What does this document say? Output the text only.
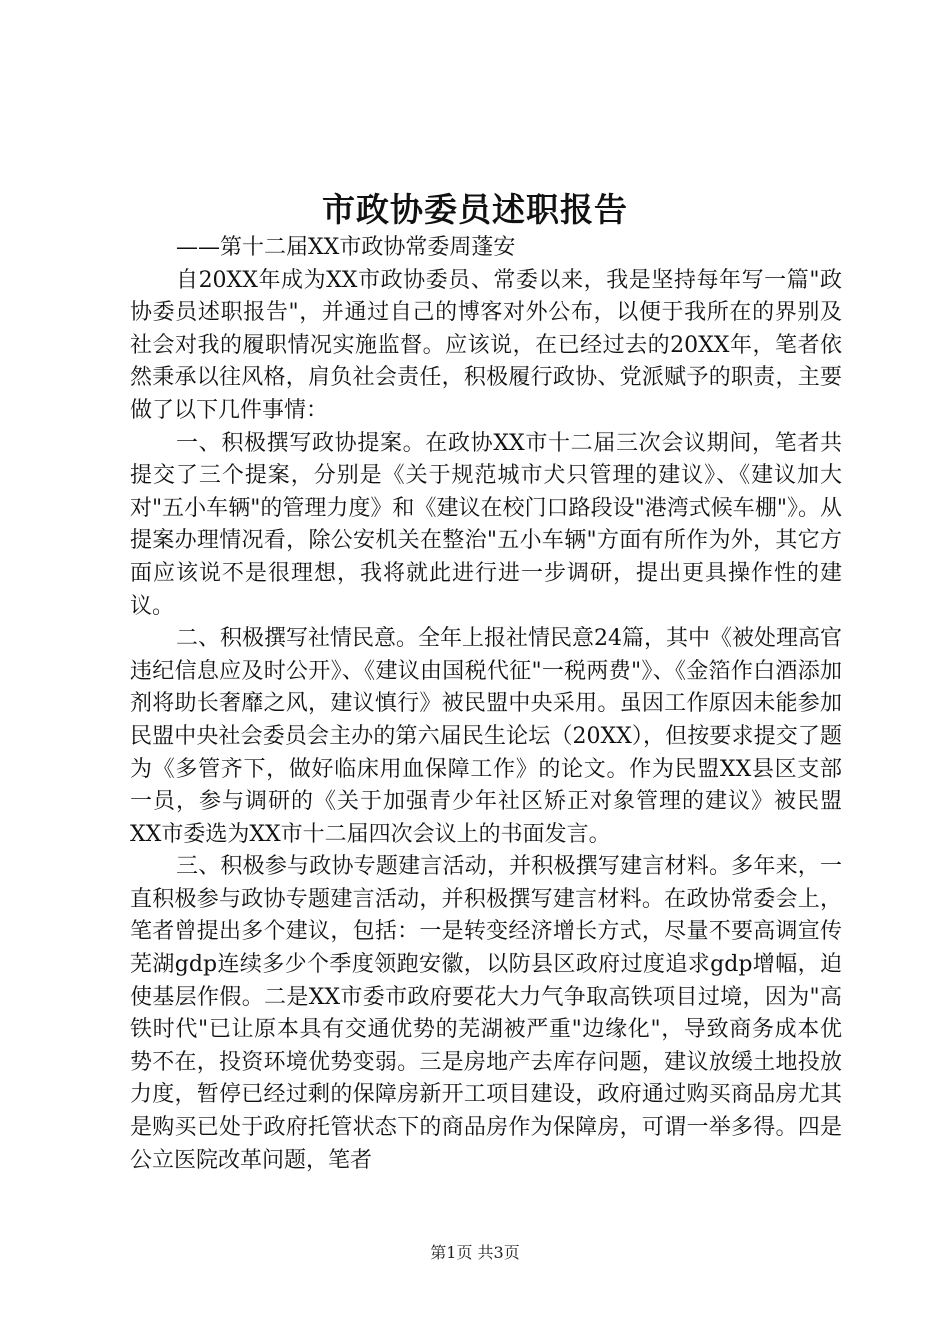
市政协委员述职报告

——第十二届XX市政协常委周蓬安

自20XX年成为XX市政协委员、常委以来，我是坚持每年写一篇"政协委员述职报告"，并通过自己的博客对外公布，以便于我所在的界别及社会对我的履职情况实施监督。应该说，在已经过去的20XX年，笔者依然秉承以往风格，肩负社会责任，积极履行政协、党派赋予的职责，主要做了以下几件事情：

一、积极撰写政协提案。在政协XX市十二届三次会议期间，笔者共提交了三个提案，分别是《关于规范城市犬只管理的建议》、《建议加大对"五小车辆"的管理力度》和《建议在校门口路段设"港湾式候车棚"》。从提案办理情况看，除公安机关在整治"五小车辆"方面有所作为外，其它方面应该说不是很理想，我将就此进行进一步调研，提出更具操作性的建议。

二、积极撰写社情民意。全年上报社情民意24篇，其中《被处理高官违纪信息应及时公开》、《建议由国税代征"一税两费"》、《金箔作白酒添加剂将助长奢靡之风，建议慎行》被民盟中央采用。虽因工作原因未能参加民盟中央社会委员会主办的第六届民生论坛（20XX），但按要求提交了题为《多管齐下，做好临床用血保障工作》的论文。作为民盟XX县区支部一员，参与调研的《关于加强青少年社区矫正对象管理的建议》被民盟XX市委选为XX市十二届四次会议上的书面发言。

三、积极参与政协专题建言活动，并积极撰写建言材料。多年来，一直积极参与政协专题建言活动，并积极撰写建言材料。在政协常委会上，笔者曾提出多个建议，包括：一是转变经济增长方式，尽量不要高调宣传芜湖gdp连续多少个季度领跑安徽，以防县区政府过度追求gdp增幅，迫使基层作假。二是XX市委市政府要花大力气争取高铁项目过境，因为"高铁时代"已让原本具有交通优势的芜湖被严重"边缘化"，导致商务成本优势不在，投资环境优势变弱。三是房地产去库存问题，建议放缓土地投放力度，暂停已经过剩的保障房新开工项目建设，政府通过购买商品房尤其是购买已处于政府托管状态下的商品房作为保障房，可谓一举多得。四是公立医院改革问题，笔者

第1页 共3页
